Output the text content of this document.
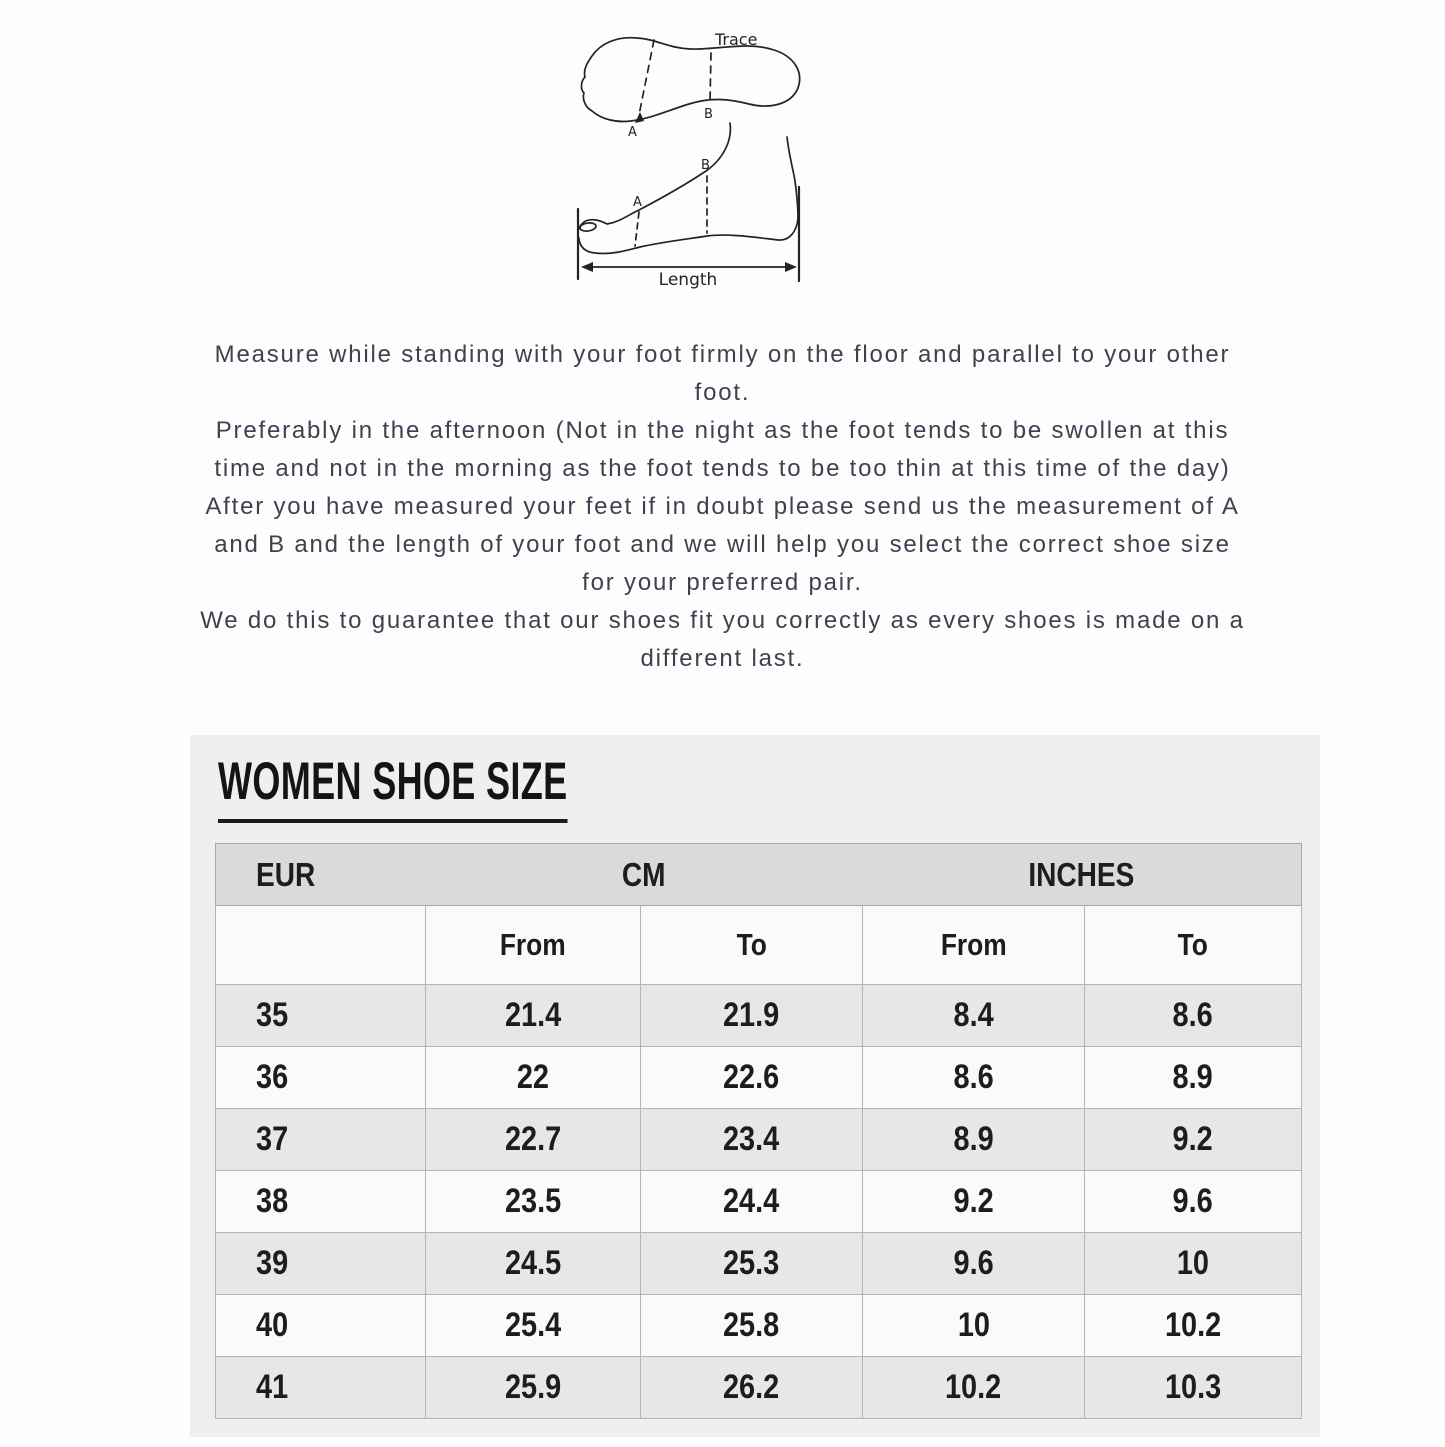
A
B
Trace
A
B
Length

Measure while standing with your foot firmly on the floor and parallel to your other foot.

Preferably in the afternoon (Not in the night as the foot tends to be swollen at this time and not in the morning as the foot tends to be too thin at this time of the day)

After you have measured your feet if in doubt please send us the measurement of A and B and the length of your foot and we will help you select the correct shoe size for your preferred pair.

We do this to guarantee that our shoes fit you correctly as every shoes is made on a different last.

WOMEN SHOE SIZE
EUR	CM		INCHES	
	From	To	From	To
35	21.4	21.9	8.4	8.6
36	22	22.6	8.6	8.9
37	22.7	23.4	8.9	9.2
38	23.5	24.4	9.2	9.6
39	24.5	25.3	9.6	10
40	25.4	25.8	10	10.2
41	25.9	26.2	10.2	10.3
